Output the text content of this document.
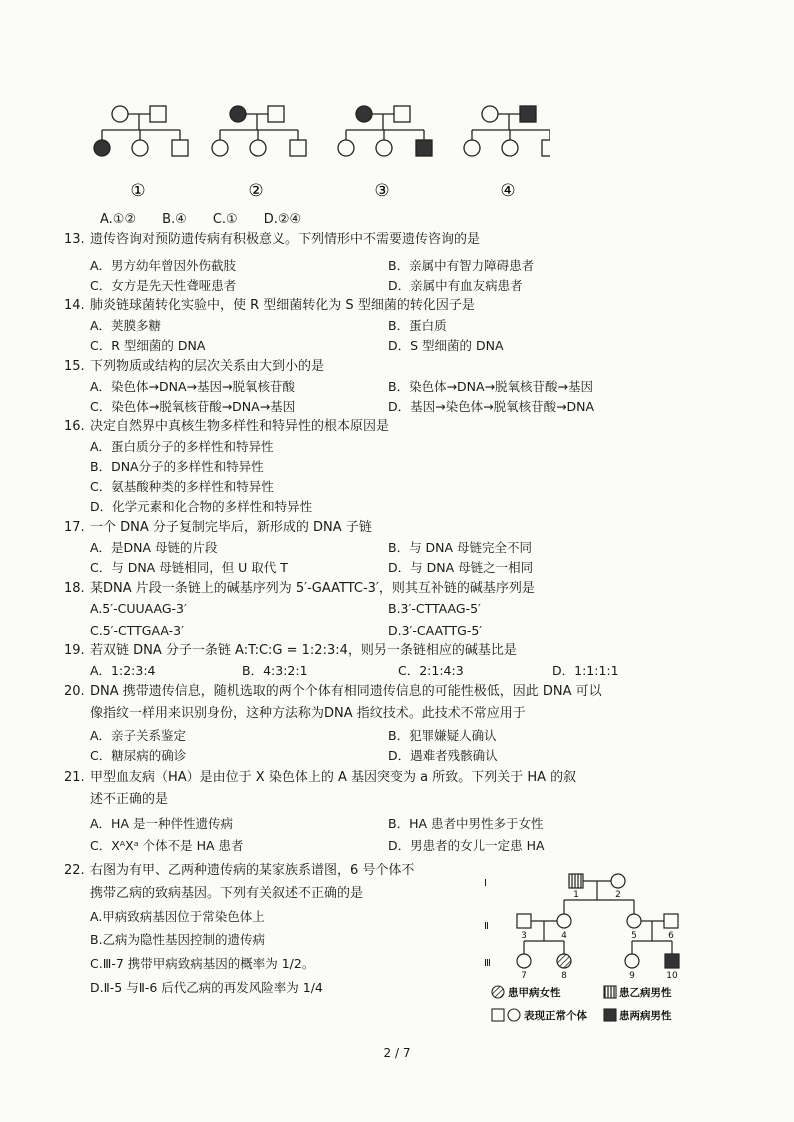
①	②	③	④
A.①② B.④ C.① D.②④
13. 遗传咨询对预防遗传病有积极意义。下列情形中不需要遗传咨询的是
A．男方幼年曾因外伤截肢	B．亲属中有智力障碍患者
C．女方是先天性聋哑患者	D．亲属中有血友病患者
14. 肺炎链球菌转化实验中，使 R 型细菌转化为 S 型细菌的转化因子是
A．荚膜多糖	B．蛋白质
C．R 型细菌的 DNA	D．S 型细菌的 DNA
15. 下列物质或结构的层次关系由大到小的是
A．染色体→DNA→基因→脱氧核苷酸	B．染色体→DNA→脱氧核苷酸→基因
C．染色体→脱氧核苷酸→DNA→基因	D．基因→染色体→脱氧核苷酸→DNA
16. 决定自然界中真核生物多样性和特异性的根本原因是
A．蛋白质分子的多样性和特异性
B．DNA分子的多样性和特异性
C．氨基酸种类的多样性和特异性
D．化学元素和化合物的多样性和特异性
17. 一个 DNA 分子复制完毕后，新形成的 DNA 子链
A．是DNA 母链的片段	B．与 DNA 母链完全不同
C．与 DNA 母链相同，但 U 取代 T	D．与 DNA 母链之一相同
18. 某DNA 片段一条链上的碱基序列为 5′-GAATTC-3′，则其互补链的碱基序列是
A.5′-CUUAAG-3′	B.3′-CTTAAG-5′
C.5′-CTTGAA-3′	D.3′-CAATTG-5′
19. 若双链 DNA 分子一条链 A:T:C:G = 1:2:3:4，则另一条链相应的碱基比是
A．1:2:3:4	B．4:3:2:1	C．2:1:4:3	D．1:1:1:1
20. DNA 携带遗传信息，随机选取的两个个体有相同遗传信息的可能性极低，因此 DNA 可以
像指纹一样用来识别身份，这种方法称为DNA 指纹技术。此技术不常应用于
A．亲子关系鉴定	B．犯罪嫌疑人确认
C．糖尿病的确诊	D．遇难者残骸确认
21. 甲型血友病（HA）是由位于 X 染色体上的 A 基因突变为 a 所致。下列关于 HA 的叙
述不正确的是
A．HA 是一种伴性遗传病	B．HA 患者中男性多于女性
C．XᴬXᵃ 个体不是 HA 患者	D．男患者的女儿一定患 HA
22. 右图为有甲、乙两种遗传病的某家族系谱图，6 号个体不
携带乙病的致病基因。下列有关叙述不正确的是
A.甲病致病基因位于常染色体上
B.乙病为隐性基因控制的遗传病
C.Ⅲ-7 携带甲病致病基因的概率为 1/2。
D.Ⅱ-5 与Ⅱ-6 后代乙病的再发风险率为 1/4
Ⅰ
Ⅱ
Ⅲ
1	2
3	4	5	6
7	8	9	10
患甲病女性	患乙病男性
表现正常个体	患两病男性
2 / 7
